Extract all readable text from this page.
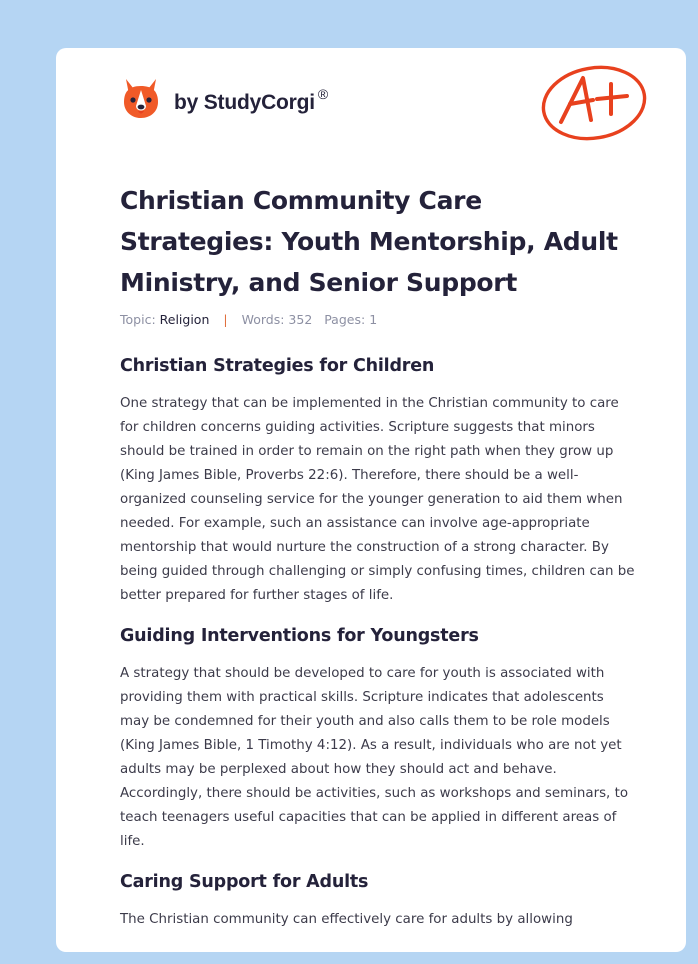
by StudyCorgi ®
Christian Community Care Strategies: Youth Mentorship, Adult Ministry, and Senior Support
Topic: Religion | Words: 352 Pages: 1
Christian Strategies for Children

One strategy that can be implemented in the Christian community to care for children concerns guiding activities. Scripture suggests that minors should be trained in order to remain on the right path when they grow up (King James Bible, Proverbs 22:6). Therefore, there should be a well-organized counseling service for the younger generation to aid them when needed. For example, such an assistance can involve age-appropriate mentorship that would nurture the construction of a strong character. By being guided through challenging or simply confusing times, children can be better prepared for further stages of life.

Guiding Interventions for Youngsters

A strategy that should be developed to care for youth is associated with providing them with practical skills. Scripture indicates that adolescents may be condemned for their youth and also calls them to be role models (King James Bible, 1 Timothy 4:12). As a result, individuals who are not yet adults may be perplexed about how they should act and behave. Accordingly, there should be activities, such as workshops and seminars, to teach teenagers useful capacities that can be applied in different areas of life.

Caring Support for Adults

The Christian community can effectively care for adults by allowing
